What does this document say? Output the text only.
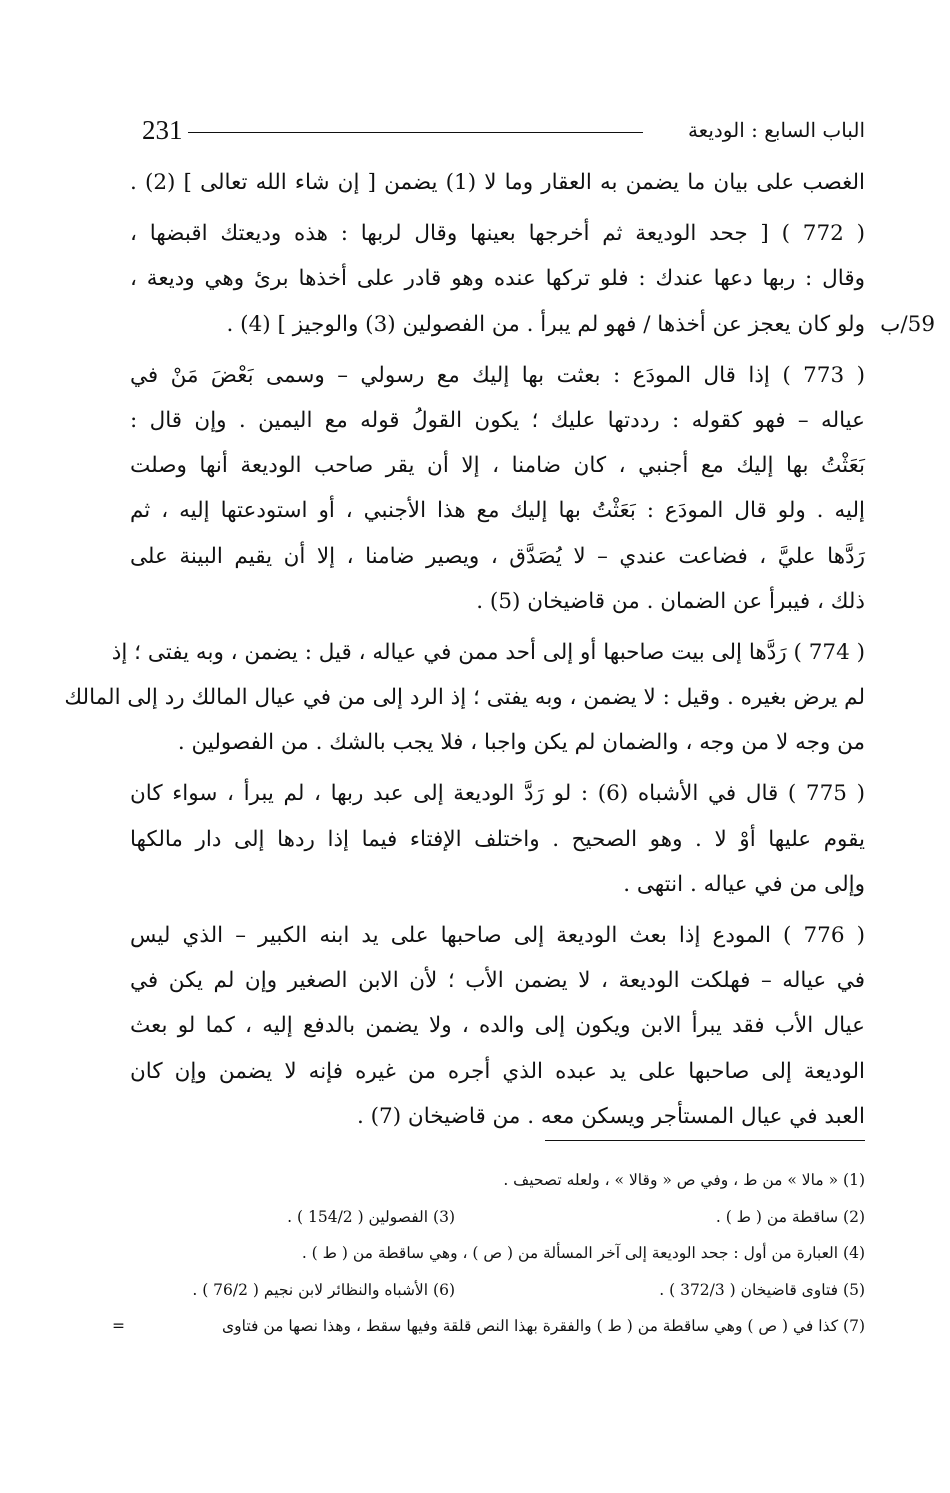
231	الباب السابع : الوديعة
الغصب على بيان ما يضمن به العقار وما لا (1) يضمن [ إن شاء الله تعالى ] (2) .
( 772 ) [ جحد الوديعة ثم أخرجها بعينها وقال لربها : هذه وديعتك اقبضها ،
وقال : ربها دعها عندك : فلو تركها عنده وهو قادر على أخذها برئ وهي وديعة ،
ولو كان يعجز عن أخذها / فهو لم يبرأ . من الفصولين (3) والوجيز ] (4) . 59/ب
( 773 ) إذا قال المودَع : بعثت بها إليك مع رسولي – وسمى بَعْضَ مَنْ في
عياله – فهو كقوله : رددتها عليك ؛ يكون القولُ قوله مع اليمين . وإن قال :
بَعَثْتُ بها إليك مع أجنبي ، كان ضامنا ، إلا أن يقر صاحب الوديعة أنها وصلت
إليه . ولو قال المودَع : بَعَثْتُ بها إليك مع هذا الأجنبي ، أو استودعتها إليه ، ثم
رَدَّها عليَّ ، فضاعت عندي – لا يُصَدَّق ، ويصير ضامنا ، إلا أن يقيم البينة على
ذلك ، فيبرأ عن الضمان . من قاضيخان (5) .
( 774 ) رَدَّها إلى بيت صاحبها أو إلى أحد ممن في عياله ، قيل : يضمن ، وبه يفتى ؛ إذ
لم يرض بغيره . وقيل : لا يضمن ، وبه يفتى ؛ إذ الرد إلى من في عيال المالك رد إلى المالك
من وجه لا من وجه ، والضمان لم يكن واجبا ، فلا يجب بالشك . من الفصولين .
( 775 ) قال في الأشباه (6) : لو رَدَّ الوديعة إلى عبد ربها ، لم يبرأ ، سواء كان
يقوم عليها أوْ لا . وهو الصحيح . واختلف الإفتاء فيما إذا ردها إلى دار مالكها
وإلى من في عياله . انتهى .
( 776 ) المودع إذا بعث الوديعة إلى صاحبها على يد ابنه الكبير – الذي ليس
في عياله – فهلكت الوديعة ، لا يضمن الأب ؛ لأن الابن الصغير وإن لم يكن في
عيال الأب فقد يبرأ الابن ويكون إلى والده ، ولا يضمن بالدفع إليه ، كما لو بعث
الوديعة إلى صاحبها على يد عبده الذي أجره من غيره فإنه لا يضمن وإن كان
العبد في عيال المستأجر ويسكن معه . من قاضيخان (7) .
(1) « مالا » من ط ، وفي ص « وقالا » ، ولعله تصحيف .
(2) ساقطة من ( ط ) .
(3) الفصولين ( 154/2 ) .
(4) العبارة من أول : جحد الوديعة إلى آخر المسألة من ( ص ) ، وهي ساقطة من ( ط ) .
(5) فتاوى قاضيخان ( 372/3 ) .
(6) الأشباه والنظائر لابن نجيم ( 76/2 ) .
(7) كذا في ( ص ) وهي ساقطة من ( ط ) والفقرة بهذا النص قلقة وفيها سقط ، وهذا نصها من فتاوى
=
